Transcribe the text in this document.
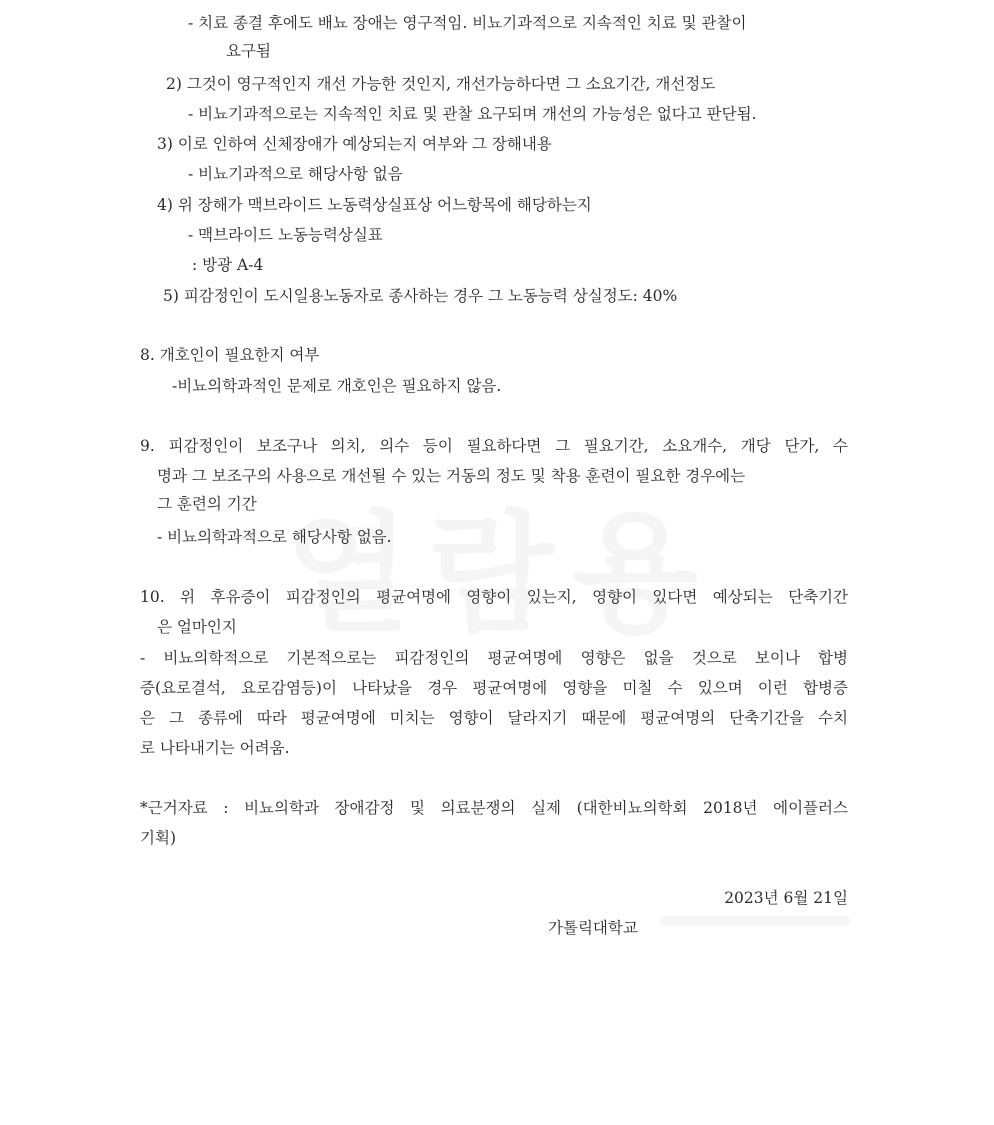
- 치료 종결 후에도 배뇨 장애는 영구적임. 비뇨기과적으로 지속적인 치료 및 관찰이
요구됨
2) 그것이 영구적인지 개선 가능한 것인지, 개선가능하다면 그 소요기간, 개선정도
- 비뇨기과적으로는 지속적인 치료 및 관찰 요구되며 개선의 가능성은 없다고 판단됨.
3) 이로 인하여 신체장애가 예상되는지 여부와 그 장해내용
- 비뇨기과적으로 해당사항 없음
4) 위 장해가 맥브라이드 노동력상실표상 어느항목에 해당하는지
- 맥브라이드 노동능력상실표
: 방광 A-4
5) 피감정인이 도시일용노동자로 종사하는 경우 그 노동능력 상실정도: 40%
8. 개호인이 필요한지 여부
-비뇨의학과적인 문제로 개호인은 필요하지 않음.
9. 피감정인이 보조구나 의치, 의수 등이 필요하다면 그 필요기간, 소요개수, 개당 단가, 수
명과 그 보조구의 사용으로 개선될 수 있는 거동의 정도 및 착용 훈련이 필요한 경우에는
그 훈련의 기간
- 비뇨의학과적으로 해당사항 없음.
10. 위 후유증이 피감정인의 평균여명에 영향이 있는지, 영향이 있다면 예상되는 단축기간
은 얼마인지
- 비뇨의학적으로 기본적으로는 피감정인의 평균여명에 영향은 없을 것으로 보이나 합병
증(요로결석, 요로감염등)이 나타났을 경우 평균여명에 영향을 미칠 수 있으며 이런 합병증
은 그 종류에 따라 평균여명에 미치는 영향이 달라지기 때문에 평균여명의 단축기간을 수치
로 나타내기는 어려움.
*근거자료 : 비뇨의학과 장애감정 및 의료분쟁의 실제 (대한비뇨의학회 2018년 에이플러스
기획)
2023년 6월 21일
가톨릭대학교
